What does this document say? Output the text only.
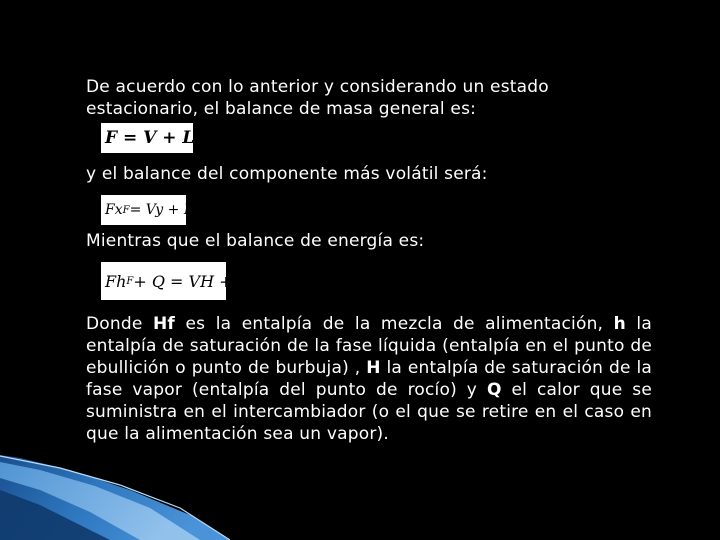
De acuerdo con lo anterior y considerando un estado estacionario, el balance de masa general es:

F = V + L

y el balance del componente más volátil será:

Fx F = Vy + Lx

Mientras que el balance de energía es:

Fh F + Q = VH + Lh

Donde Hf es la entalpía de la mezcla de alimentación, h la entalpía de saturación de la fase líquida (entalpía en el punto de ebullición o punto de burbuja) , H la entalpía de saturación de la fase vapor (entalpía del punto de rocío) y Q el calor que se suministra en el intercambiador (o el que se retire en el caso en que la alimentación sea un vapor).
